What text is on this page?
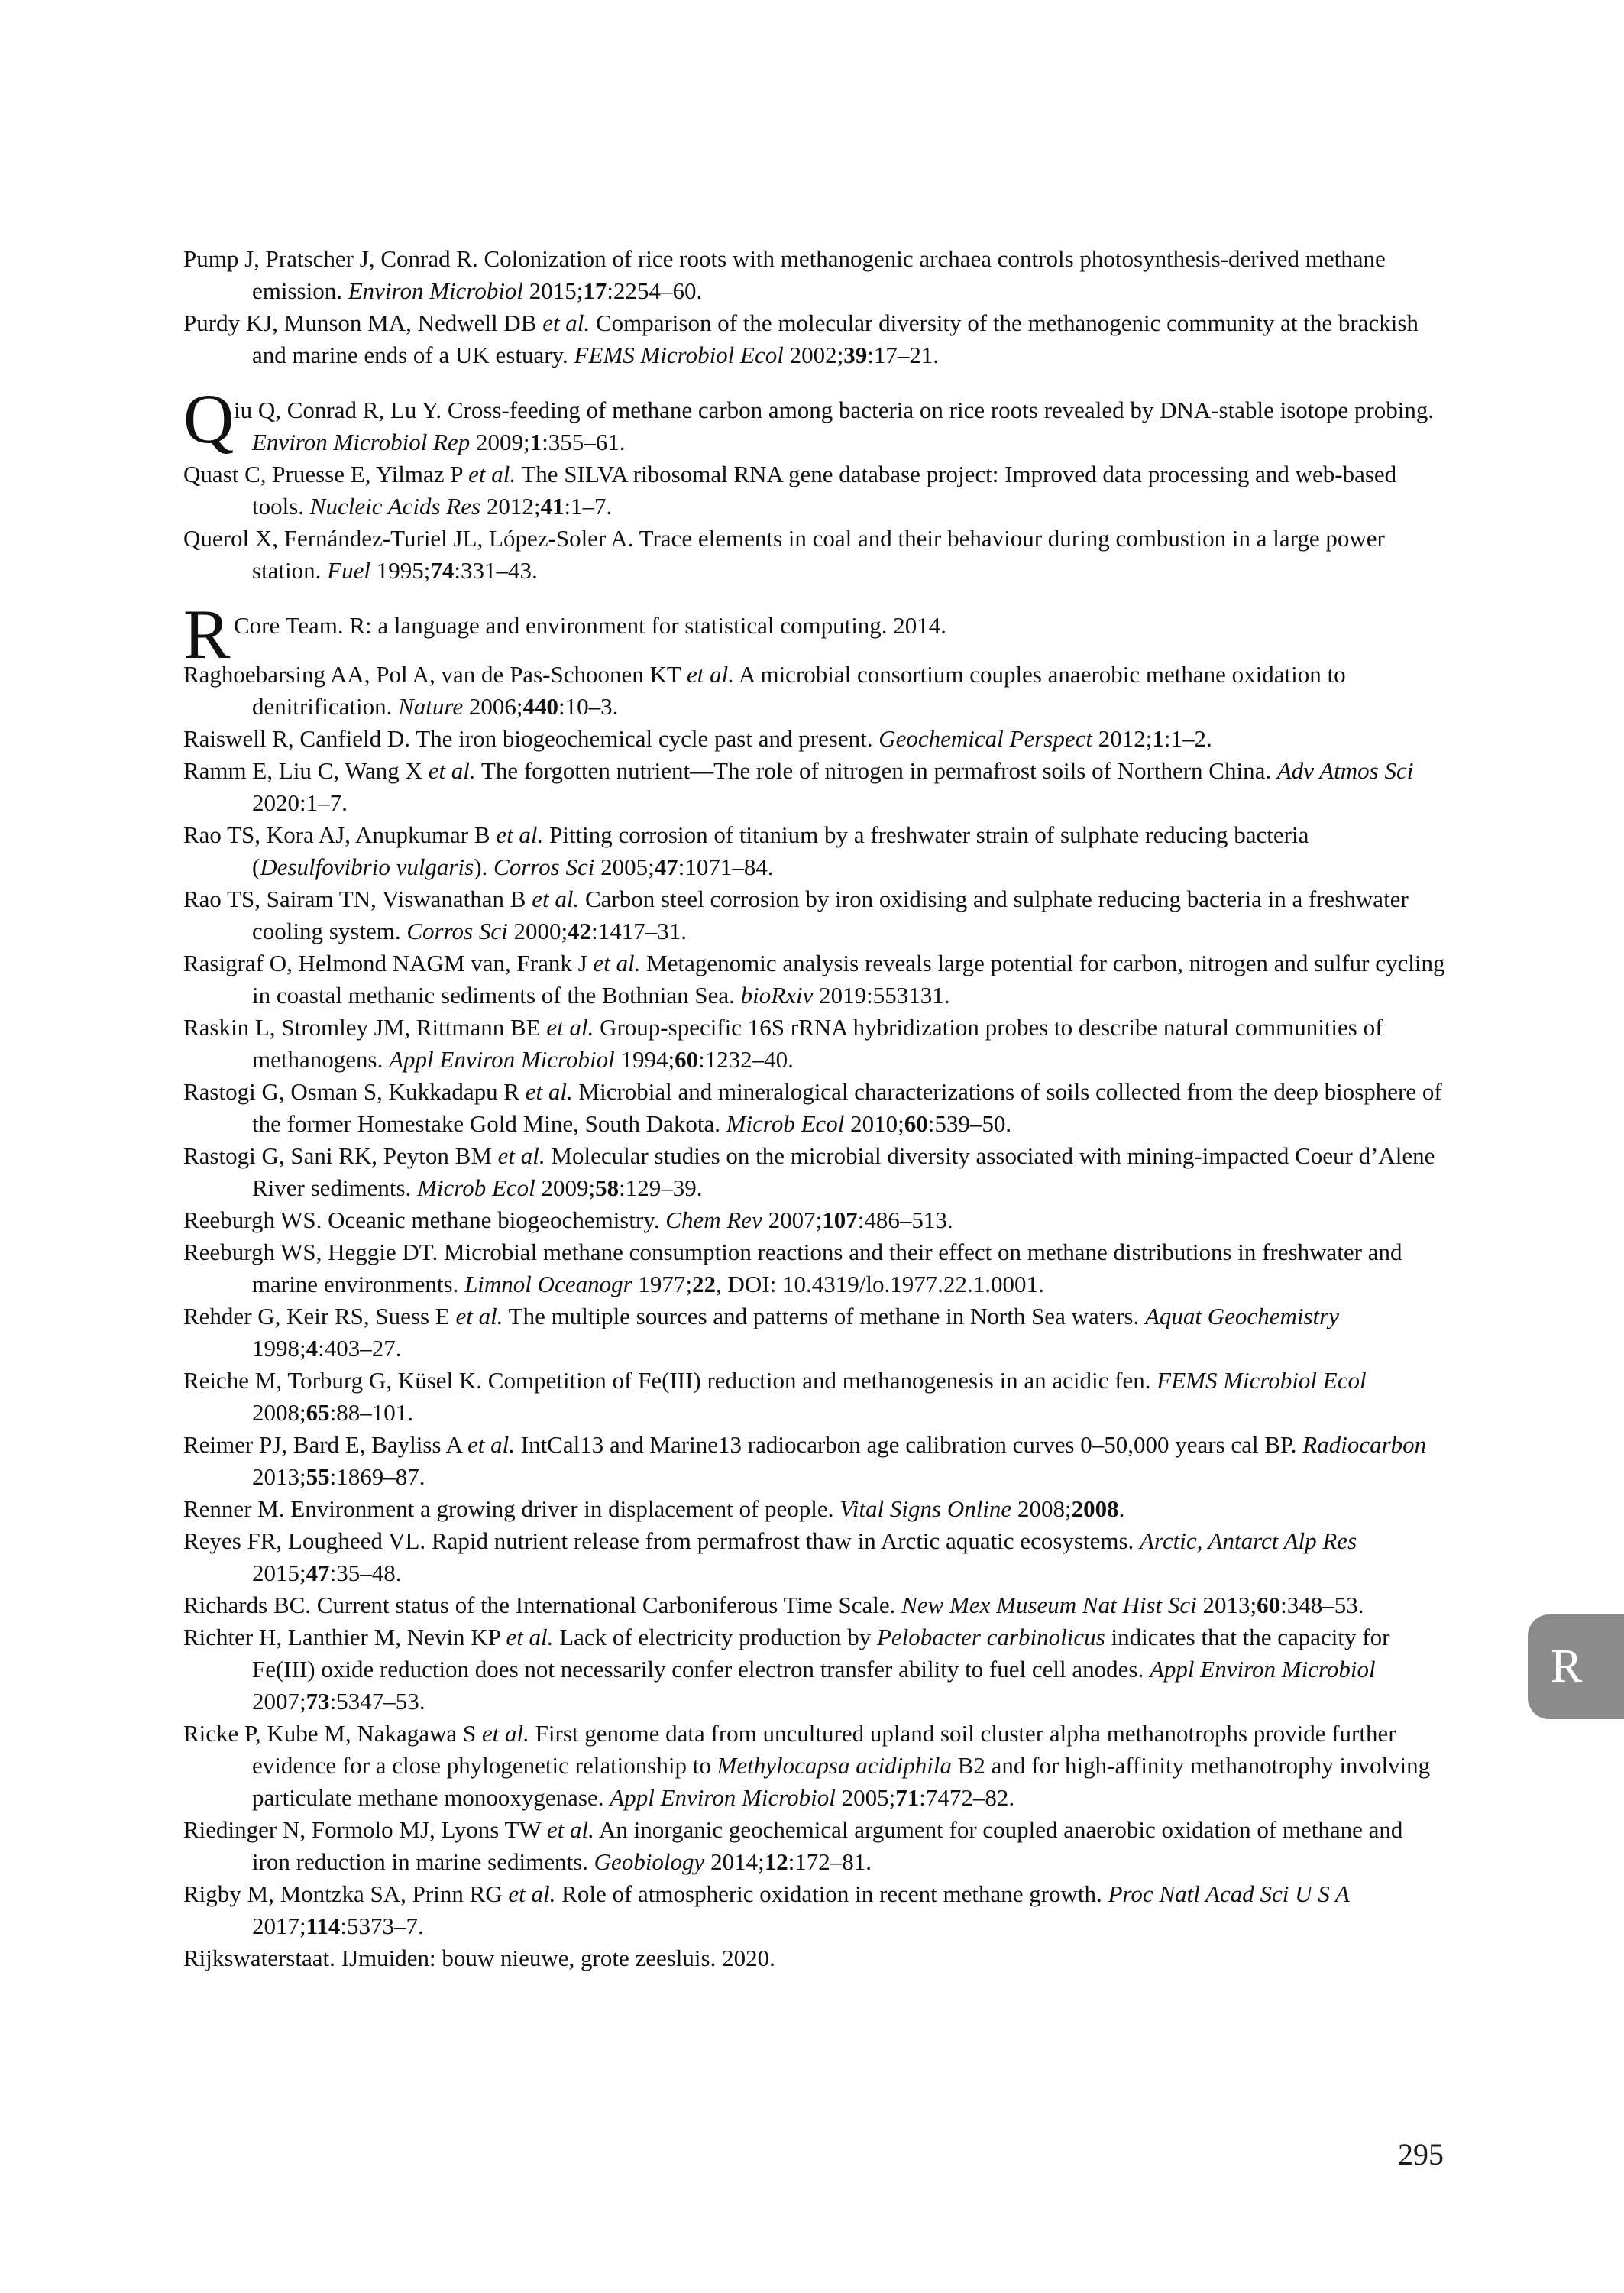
Pump J, Pratscher J, Conrad R. Colonization of rice roots with methanogenic archaea controls photosynthesis-derived methane emission. Environ Microbiol 2015;17:2254–60.

Purdy KJ, Munson MA, Nedwell DB et al. Comparison of the molecular diversity of the methanogenic community at the brackish and marine ends of a UK estuary. FEMS Microbiol Ecol 2002;39:17–21.

Q iu Q, Conrad R, Lu Y. Cross-feeding of methane carbon among bacteria on rice roots revealed by DNA-stable isotope probing. Environ Microbiol Rep 2009;1:355–61.

Quast C, Pruesse E, Yilmaz P et al. The SILVA ribosomal RNA gene database project: Improved data processing and web-based tools. Nucleic Acids Res 2012;41:1–7.

Querol X, Fernández-Turiel JL, López-Soler A. Trace elements in coal and their behaviour during combustion in a large power station. Fuel 1995;74:331–43.

R Core Team. R: a language and environment for statistical computing. 2014.

Raghoebarsing AA, Pol A, van de Pas-Schoonen KT et al. A microbial consortium couples anaerobic methane oxidation to denitrification. Nature 2006;440:10–3.

Raiswell R, Canfield D. The iron biogeochemical cycle past and present. Geochemical Perspect 2012;1:1–2.

Ramm E, Liu C, Wang X et al. The forgotten nutrient—The role of nitrogen in permafrost soils of Northern China. Adv Atmos Sci 2020:1–7.

Rao TS, Kora AJ, Anupkumar B et al. Pitting corrosion of titanium by a freshwater strain of sulphate reducing bacteria (Desulfovibrio vulgaris). Corros Sci 2005;47:1071–84.

Rao TS, Sairam TN, Viswanathan B et al. Carbon steel corrosion by iron oxidising and sulphate reducing bacteria in a freshwater cooling system. Corros Sci 2000;42:1417–31.

Rasigraf O, Helmond NAGM van, Frank J et al. Metagenomic analysis reveals large potential for carbon, nitrogen and sulfur cycling in coastal methanic sediments of the Bothnian Sea. bioRxiv 2019:553131.

Raskin L, Stromley JM, Rittmann BE et al. Group-specific 16S rRNA hybridization probes to describe natural communities of methanogens. Appl Environ Microbiol 1994;60:1232–40.

Rastogi G, Osman S, Kukkadapu R et al. Microbial and mineralogical characterizations of soils collected from the deep biosphere of the former Homestake Gold Mine, South Dakota. Microb Ecol 2010;60:539–50.

Rastogi G, Sani RK, Peyton BM et al. Molecular studies on the microbial diversity associated with mining-impacted Coeur d’Alene River sediments. Microb Ecol 2009;58:129–39.

Reeburgh WS. Oceanic methane biogeochemistry. Chem Rev 2007;107:486–513.

Reeburgh WS, Heggie DT. Microbial methane consumption reactions and their effect on methane distributions in freshwater and marine environments. Limnol Oceanogr 1977;22, DOI: 10.4319/lo.1977.22.1.0001.

Rehder G, Keir RS, Suess E et al. The multiple sources and patterns of methane in North Sea waters. Aquat Geochemistry 1998;4:403–27.

Reiche M, Torburg G, Küsel K. Competition of Fe(III) reduction and methanogenesis in an acidic fen. FEMS Microbiol Ecol 2008;65:88–101.

Reimer PJ, Bard E, Bayliss A et al. IntCal13 and Marine13 radiocarbon age calibration curves 0–50,000 years cal BP. Radiocarbon 2013;55:1869–87.

Renner M. Environment a growing driver in displacement of people. Vital Signs Online 2008;2008.

Reyes FR, Lougheed VL. Rapid nutrient release from permafrost thaw in Arctic aquatic ecosystems. Arctic, Antarct Alp Res 2015;47:35–48.

Richards BC. Current status of the International Carboniferous Time Scale. New Mex Museum Nat Hist Sci 2013;60:348–53.

Richter H, Lanthier M, Nevin KP et al. Lack of electricity production by Pelobacter carbinolicus indicates that the capacity for Fe(III) oxide reduction does not necessarily confer electron transfer ability to fuel cell anodes. Appl Environ Microbiol 2007;73:5347–53.

Ricke P, Kube M, Nakagawa S et al. First genome data from uncultured upland soil cluster alpha methanotrophs provide further evidence for a close phylogenetic relationship to Methylocapsa acidiphila B2 and for high-affinity methanotrophy involving particulate methane monooxygenase. Appl Environ Microbiol 2005;71:7472–82.

Riedinger N, Formolo MJ, Lyons TW et al. An inorganic geochemical argument for coupled anaerobic oxidation of methane and iron reduction in marine sediments. Geobiology 2014;12:172–81.

Rigby M, Montzka SA, Prinn RG et al. Role of atmospheric oxidation in recent methane growth. Proc Natl Acad Sci U S A 2017;114:5373–7.

Rijkswaterstaat. IJmuiden: bouw nieuwe, grote zeesluis. 2020.

R
295
